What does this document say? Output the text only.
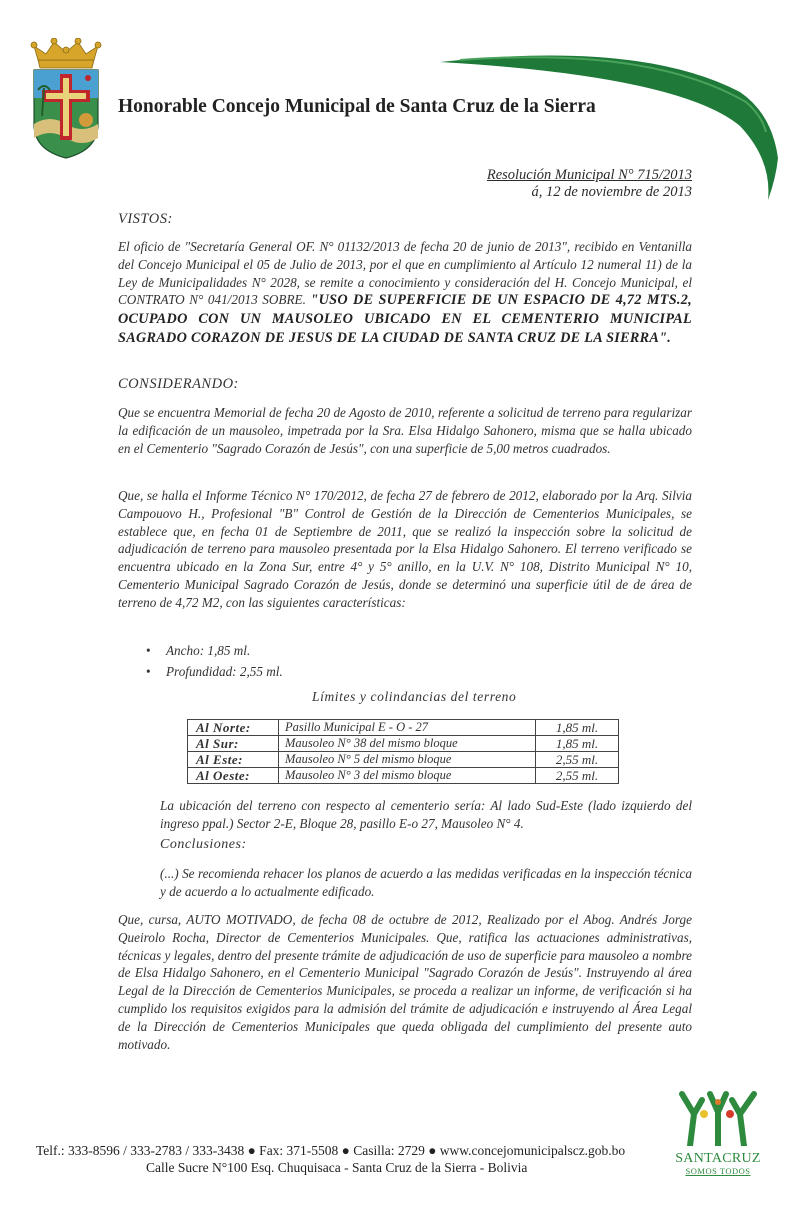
Honorable Concejo Municipal de Santa Cruz de la Sierra
Resolución Municipal N° 715/2013
á, 12 de noviembre de 2013
VISTOS:
El oficio de "Secretaría General OF. N° 01132/2013 de fecha 20 de junio de 2013", recibido en Ventanilla del Concejo Municipal el 05 de Julio de 2013, por el que en cumplimiento al Artículo 12 numeral 11) de la Ley de Municipalidades N° 2028, se remite a conocimiento y consideración del H. Concejo Municipal, el CONTRATO N° 041/2013 SOBRE. "USO DE SUPERFICIE DE UN ESPACIO DE 4,72 MTS.2, OCUPADO CON UN MAUSOLEO UBICADO EN EL CEMENTERIO MUNICIPAL SAGRADO CORAZON DE JESUS DE LA CIUDAD DE SANTA CRUZ DE LA SIERRA".
CONSIDERANDO:
Que se encuentra Memorial de fecha 20 de Agosto de 2010, referente a solicitud de terreno para regularizar la edificación de un mausoleo, impetrada por la Sra. Elsa Hidalgo Sahonero, misma que se halla ubicado en el Cementerio "Sagrado Corazón de Jesús", con una superficie de 5,00 metros cuadrados.
Que, se halla el Informe Técnico N° 170/2012, de fecha 27 de febrero de 2012, elaborado por la Arq. Silvia Campouovo H., Profesional "B" Control de Gestión de la Dirección de Cementerios Municipales, se establece que, en fecha 01 de Septiembre de 2011, que se realizó la inspección sobre la solicitud de adjudicación de terreno para mausoleo presentada por la Elsa Hidalgo Sahonero. El terreno verificado se encuentra ubicado en la Zona Sur, entre 4° y 5° anillo, en la U.V. N° 108, Distrito Municipal N° 10, Cementerio Municipal Sagrado Corazón de Jesús, donde se determinó una superficie útil de de área de terreno de 4,72 M2, con las siguientes características:
• Ancho: 1,85 ml.
• Profundidad: 2,55 ml.
Límites y colindancias del terreno
Al Norte:	Pasillo Municipal E - O - 27	1,85 ml.
Al Sur:	Mausoleo N° 38 del mismo bloque	1,85 ml.
Al Este:	Mausoleo N° 5 del mismo bloque	2,55 ml.
Al Oeste:	Mausoleo N° 3 del mismo bloque	2,55 ml.
La ubicación del terreno con respecto al cementerio sería: Al lado Sud-Este (lado izquierdo del ingreso ppal.) Sector 2-E, Bloque 28, pasillo E-o 27, Mausoleo N° 4.
Conclusiones:
(...) Se recomienda rehacer los planos de acuerdo a las medidas verificadas en la inspección técnica y de acuerdo a lo actualmente edificado.
Que, cursa, AUTO MOTIVADO, de fecha 08 de octubre de 2012, Realizado por el Abog. Andrés Jorge Queirolo Rocha, Director de Cementerios Municipales. Que, ratifica las actuaciones administrativas, técnicas y legales, dentro del presente trámite de adjudicación de uso de superficie para mausoleo a nombre de Elsa Hidalgo Sahonero, en el Cementerio Municipal "Sagrado Corazón de Jesús". Instruyendo al área Legal de la Dirección de Cementerios Municipales, se proceda a realizar un informe, de verificación si ha cumplido los requisitos exigidos para la admisión del trámite de adjudicación e instruyendo al Área Legal de la Dirección de Cementerios Municipales que queda obligada del cumplimiento del presente auto motivado.
Telf.: 333-8596 / 333-2783 / 333-3438 ● Fax: 371-5508 ● Casilla: 2729 ● www.concejomunicipalscz.gob.bo
Calle Sucre N°100 Esq. Chuquisaca - Santa Cruz de la Sierra - Bolivia
SANTACRUZ
SOMOS TODOS
